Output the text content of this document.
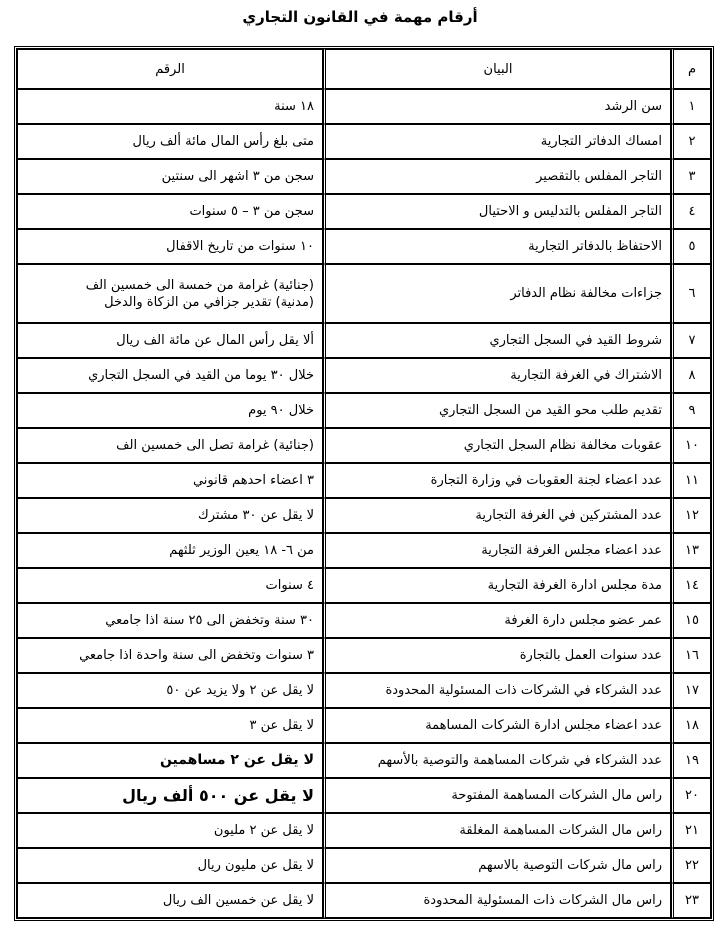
أرقام مهمة في القانون التجاري
م	البيان	الرقم
١	سن الرشد	١٨ سنة
٢	امساك الدفاتر التجارية	متى بلغ رأس المال مائة ألف ريال
٣	التاجر المفلس بالتقصير	سجن من ٣ اشهر الى سنتين
٤	التاجر المفلس بالتدليس و الاحتيال	سجن من ٣ – ٥ سنوات
٥	الاحتفاظ بالدفاتر التجارية	١٠ سنوات من تاريخ الاقفال
٦	جزاءات مخالفة نظام الدفاتر	(جنائية) غرامة من خمسة الى خمسين الف
(مدنية) تقدير جزافي من الزكاة والدخل

٧	شروط القيد في السجل التجاري	ألا يقل رأس المال عن مائة الف ريال
٨	الاشتراك في الغرفة التجارية	خلال ٣٠ يوما من القيد في السجل التجاري
٩	تقديم طلب محو القيد من السجل التجاري	خلال ٩٠ يوم
١٠	عقوبات مخالفة نظام السجل التجاري	(جنائية) غرامة تصل الى خمسين الف
١١	عدد اعضاء لجنة العقوبات في وزارة التجارة	٣ اعضاء احدهم قانوني
١٢	عدد المشتركين في الغرفة التجارية	لا يقل عن ٣٠ مشترك
١٣	عدد اعضاء مجلس الغرفة التجارية	من ٦- ١٨ يعين الوزير ثلثهم
١٤	مدة مجلس ادارة الغرفة التجارية	٤ سنوات
١٥	عمر عضو مجلس دارة الغرفة	٣٠ سنة وتخفض الى ٢٥ سنة اذا جامعي
١٦	عدد سنوات العمل بالتجارة	٣ سنوات وتخفض الى سنة واحدة اذا جامعي
١٧	عدد الشركاء في الشركات ذات المسئولية المحدودة	لا يقل عن ٢ ولا يزيد عن ٥٠
١٨	عدد اعضاء مجلس ادارة الشركات المساهمة	لا يقل عن ٣
١٩	عدد الشركاء في شركات المساهمة والتوصية بالأسهم	لا يقل عن ٢ مساهمين
٢٠	راس مال الشركات المساهمة المفتوحة	لا يقل عن ٥٠٠ ألف ريال
٢١	راس مال الشركات المساهمة المغلقة	لا يقل عن ٢ مليون
٢٢	راس مال شركات التوصية بالاسهم	لا يقل عن مليون ريال
٢٣	راس مال الشركات ذات المسئولية المحدودة	لا يقل عن خمسين الف ريال
